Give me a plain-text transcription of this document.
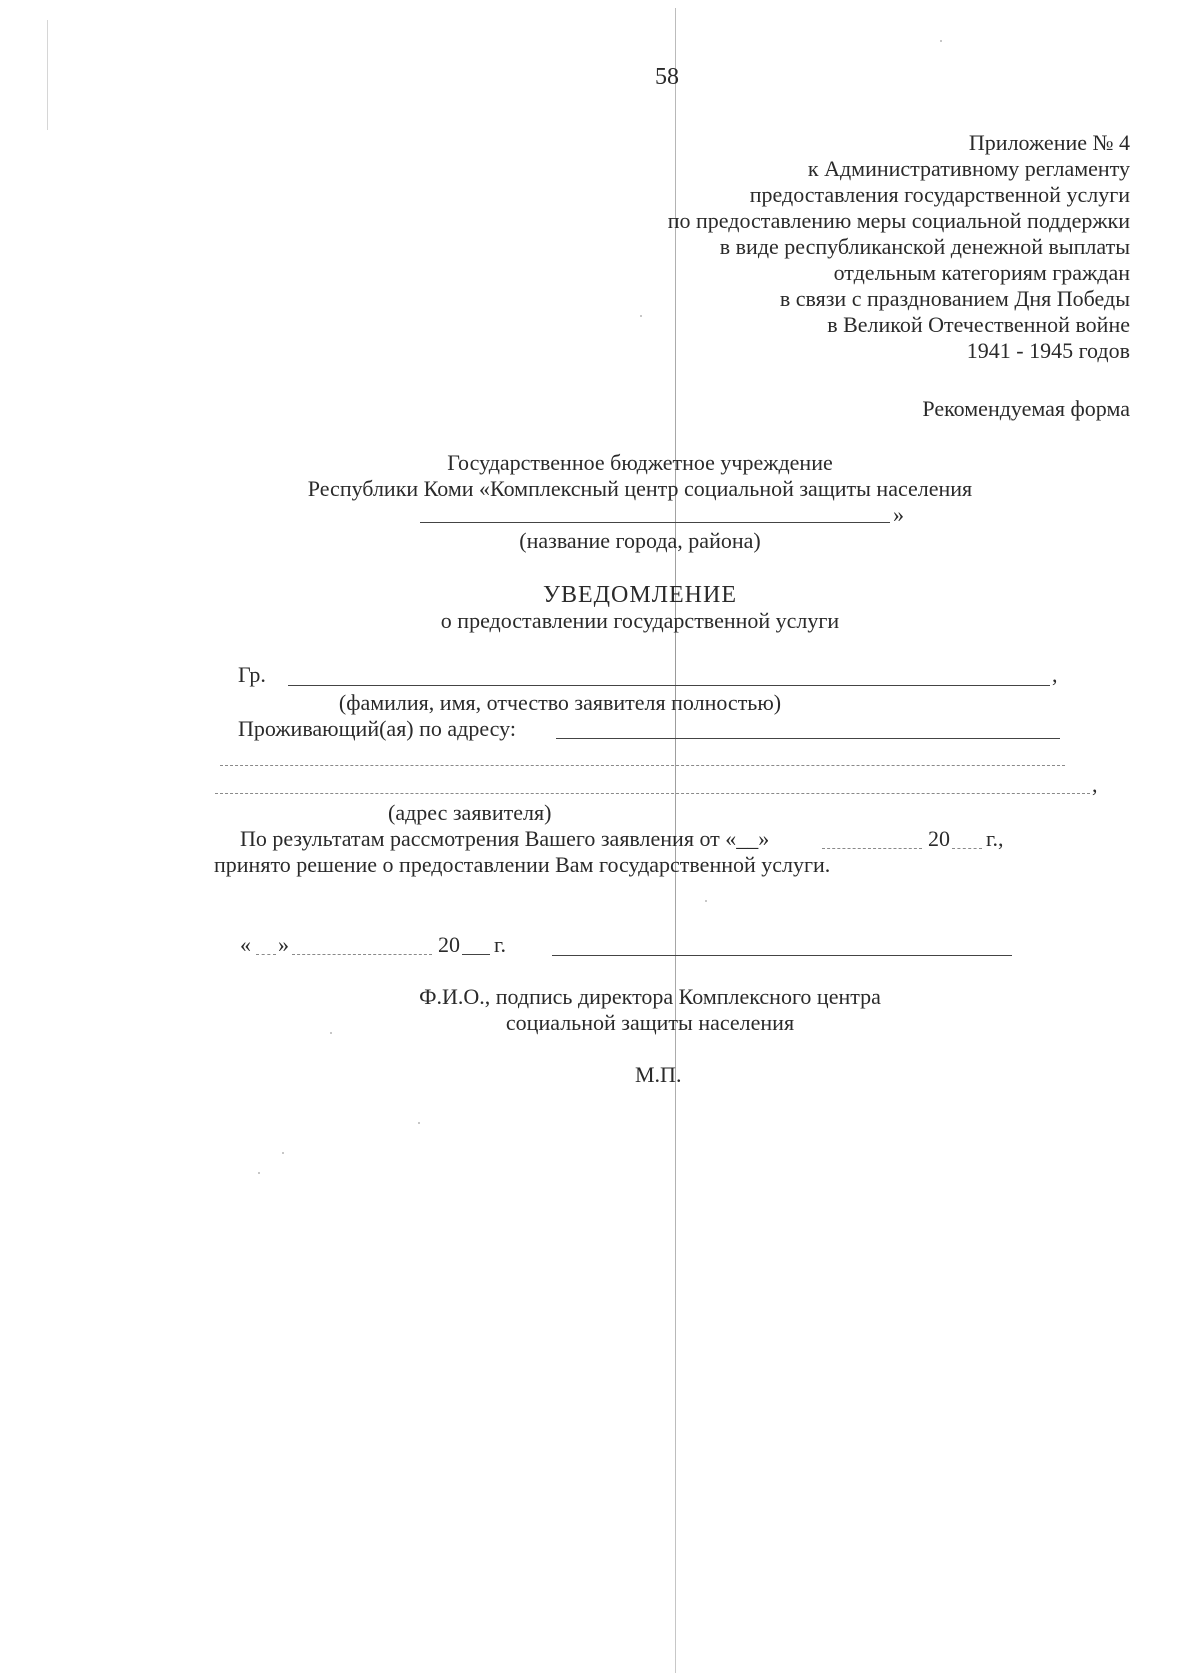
58
Приложение № 4
к Административному регламенту
предоставления государственной услуги
по предоставлению меры социальной поддержки
в виде республиканской денежной выплаты
отдельным категориям граждан
в связи с празднованием Дня Победы
в Великой Отечественной войне
1941 - 1945 годов
Рекомендуемая форма
Государственное бюджетное учреждение
Республики Коми «Комплексный центр социальной защиты населения
»
(название города, района)
УВЕДОМЛЕНИЕ
о предоставлении государственной услуги
Гр.	,
(фамилия, имя, отчество заявителя полностью)
Проживающий(ая) по адресу:
,
(адрес заявителя)
По результатам рассмотрения Вашего заявления от «__»	20 г.,
принято решение о предоставлении Вам государственной услуги.
« »	20 г.
Ф.И.О., подпись директора Комплексного центра
социальной защиты населения
М.П.
